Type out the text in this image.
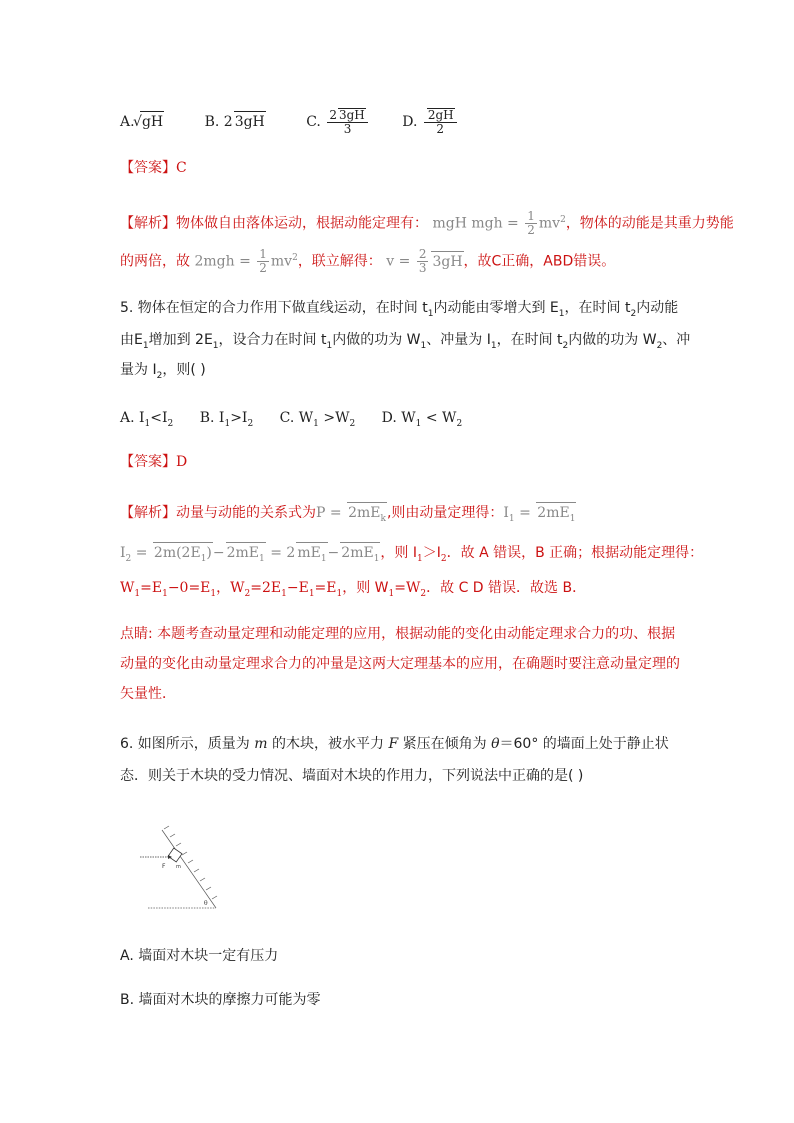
A. √ gH	B. 2 3gH	C. $\frac{2 3gH}{3} D$. $\frac{2gH}{2}$
【答案】C
【解析】物体做自由落体运动，根据动能定理有： mgH mgh = $\frac{1}{2} mv^2$，物体的动能是其重力势能
的两倍，故 $2mgh = \frac{1}{2} mv^2$，联立解得： $v = \frac{2}{3} 3gH$，故C正确，ABD错误。
5. 物体在恒定的合力作用下做直线运动，在时间 $t_1$内动能由零增大到 $E_1$，在时间 $t_2$内动能
由$E_1$增加到 $2E_1$，设合力在时间 $t_1$内做的功为 $W_1$、冲量为 $I_1$，在时间 $t_2$内做的功为 $W_2$、冲
量为 $I_2$，则( )
A. $I_1<I_2$ B. $I_1>I_2$ C. $W_1 >W_2$ D. $W_1 < W_2$
【答案】D
【解析】动量与动能的关系式为$P = 2mE_k$,则由动量定理得：$I_1 = 2mE_1$
$I_2 = 2m(2E_1)- 2mE_1 = 2$ $mE_1- 2mE_1$，则 $I_1>I_2$．故 A 错误，B 正确；根据动能定理得：
$W_1=E_1-0=E_1$，$W_2=2E_1-E_1=E_1$，则 $W_1=W_2$．故 C D 错误．故选 B．
点睛: 本题考查动量定理和动能定理的应用，根据动能的变化由动能定理求合力的功、根据
动量的变化由动量定理求合力的冲量是这两大定理基本的应用，在确题时要注意动量定理的
矢量性．
6. 如图所示，质量为 m 的木块，被水平力 F 紧压在倾角为 θ＝60° 的墙面上处于静止状
态．则关于木块的受力情况、墙面对木块的作用力，下列说法中正确的是( )
F m
θ
A. 墙面对木块一定有压力
B. 墙面对木块的摩擦力可能为零
